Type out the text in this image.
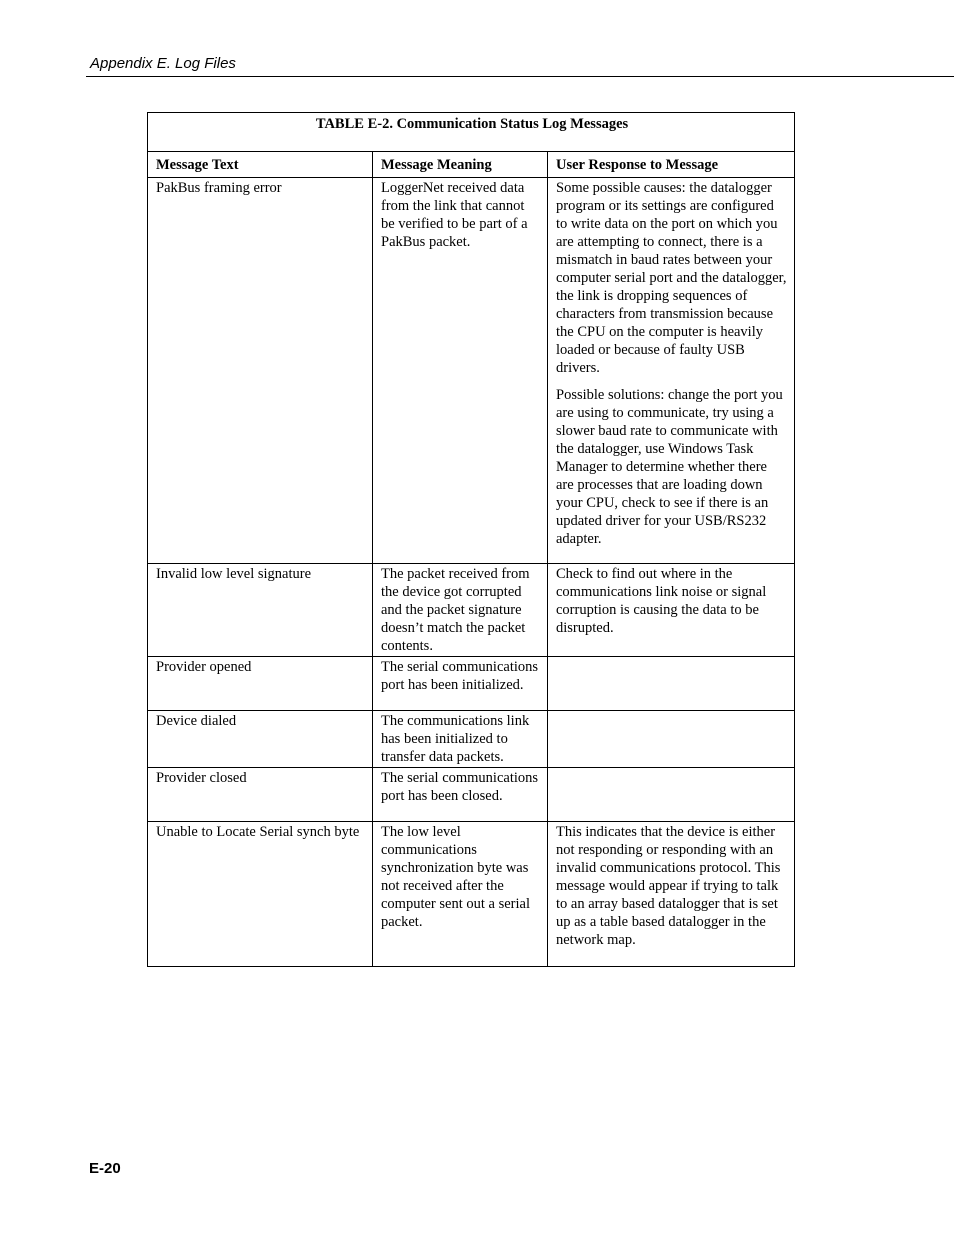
Appendix E. Log Files
TABLE E-2. Communication Status Log Messages		
Message Text	Message Meaning	User Response to Message
PakBus framing error	LoggerNet received data from the link that cannot be verified to be part of a PakBus packet.	Some possible causes: the datalogger program or its settings are configured to write data on the port on which you are attempting to connect, there is a mismatch in baud rates between your computer serial port and the datalogger, the link is dropping sequences of characters from transmission because the CPU on the computer is heavily loaded or because of faulty USB drivers.

Possible solutions: change the port you are using to communicate, try using a slower baud rate to communicate with the datalogger, use Windows Task Manager to determine whether there are processes that are loading down your CPU, check to see if there is an updated driver for your USB/RS232 adapter.

Invalid low level signature	The packet received from the device got corrupted and the packet signature doesn’t match the packet contents.	Check to find out where in the communications link noise or signal corruption is causing the data to be disrupted.

Provider opened	The serial communications port has been initialized.	

Device dialed	The communications link has been initialized to transfer data packets.	

Provider closed	The serial communications port has been closed.	

Unable to Locate Serial synch byte	The low level communications synchronization byte was not received after the computer sent out a serial packet.	This indicates that the device is either not responding or responding with an invalid communications protocol. This message would appear if trying to talk to an array based datalogger that is set up as a table based datalogger in the network map.

E-20
